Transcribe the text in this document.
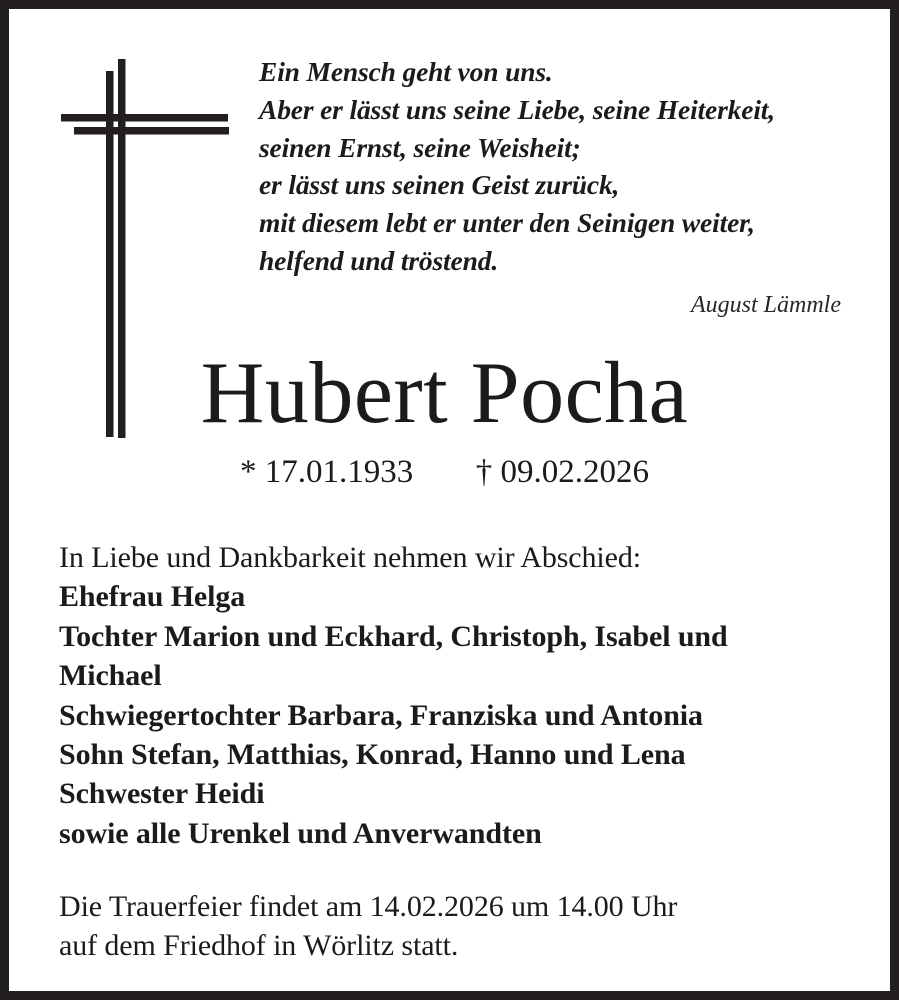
Ein Mensch geht von uns.
Aber er lässt uns seine Liebe, seine Heiterkeit,
seinen Ernst, seine Weisheit;
er lässt uns seinen Geist zurück,
mit diesem lebt er unter den Seinigen weiter,
helfend und tröstend.
August Lämmle
Hubert Pocha
* 17.01.1933 † 09.02.2026
In Liebe und Dankbarkeit nehmen wir Abschied:
Ehefrau Helga
Tochter Marion und Eckhard, Christoph, Isabel und
Michael
Schwiegertochter Barbara, Franziska und Antonia
Sohn Stefan, Matthias, Konrad, Hanno und Lena
Schwester Heidi
sowie alle Urenkel und Anverwandten
Die Trauerfeier findet am 14.02.2026 um 14.00 Uhr
auf dem Friedhof in Wörlitz statt.
